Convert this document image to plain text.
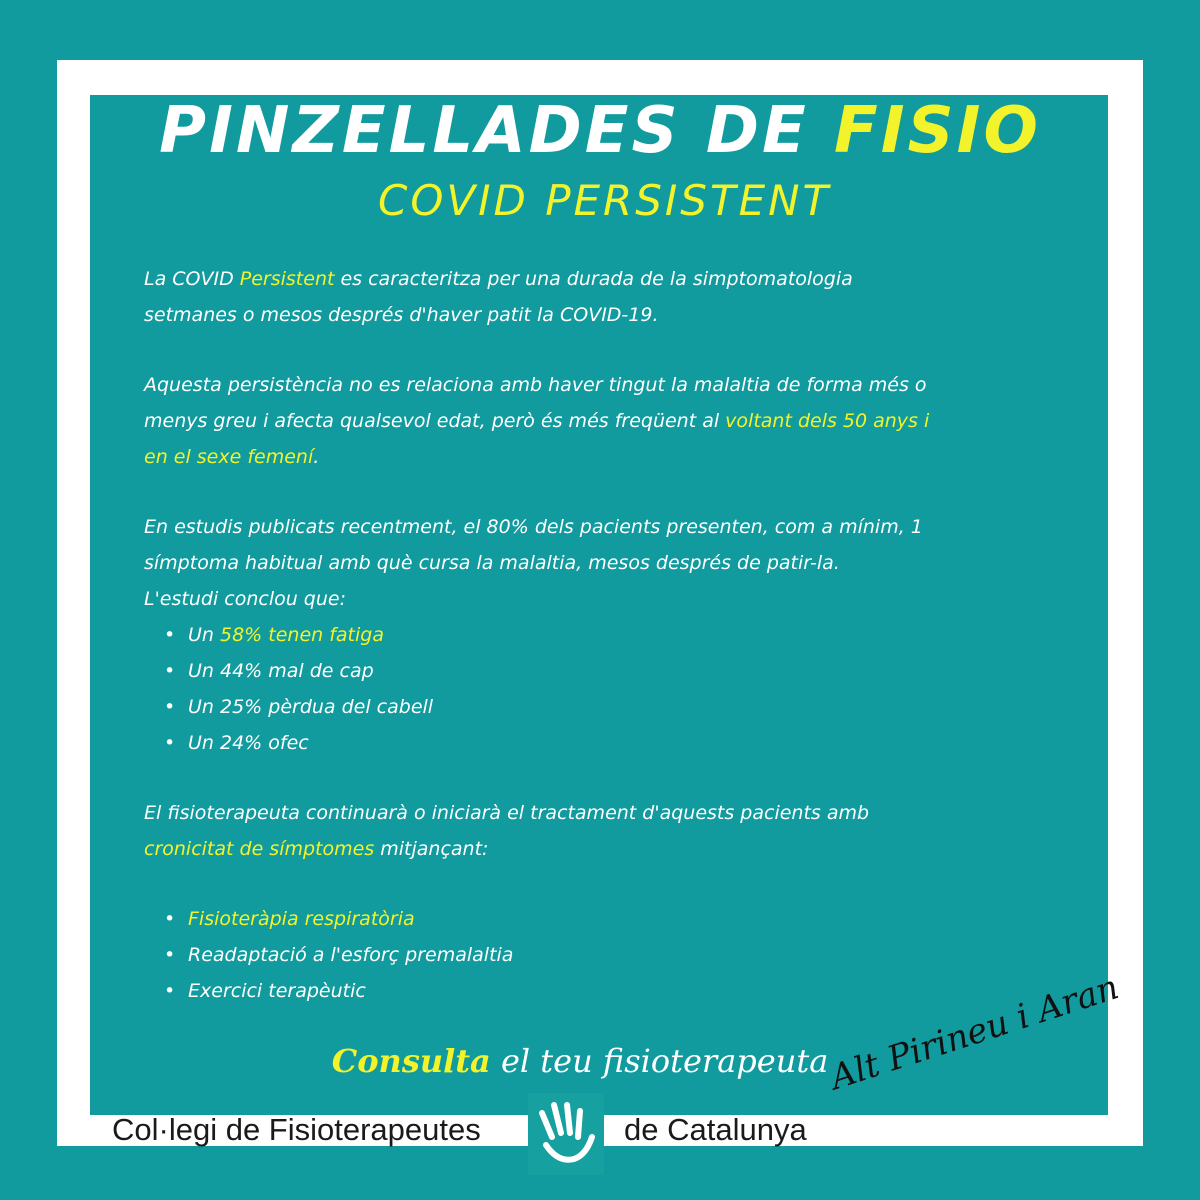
PINZELLADES DE FISIO
COVID PERSISTENT
La COVID Persistent es caracteritza per una durada de la simptomatologia
setmanes o mesos després d'haver patit la COVID-19.
Aquesta persistència no es relaciona amb haver tingut la malaltia de forma més o
menys greu i afecta qualsevol edat, però és més freqüent al voltant dels 50 anys i
en el sexe femení.
En estudis publicats recentment, el 80% dels pacients presenten, com a mínim, 1
símptoma habitual amb què cursa la malaltia, mesos després de patir-la.
L'estudi conclou que:
• Un 58% tenen fatiga
• Un 44% mal de cap
• Un 25% pèrdua del cabell
• Un 24% ofec
El fisioterapeuta continuarà o iniciarà el tractament d'aquests pacients amb
cronicitat de símptomes mitjançant:
• Fisioteràpia respiratòria
• Readaptació a l'esforç premalaltia
• Exercici terapèutic
Consulta el teu fisioterapeuta
Col·legi de Fisioterapeutes	de Catalunya
Alt Pirineu i Aran
